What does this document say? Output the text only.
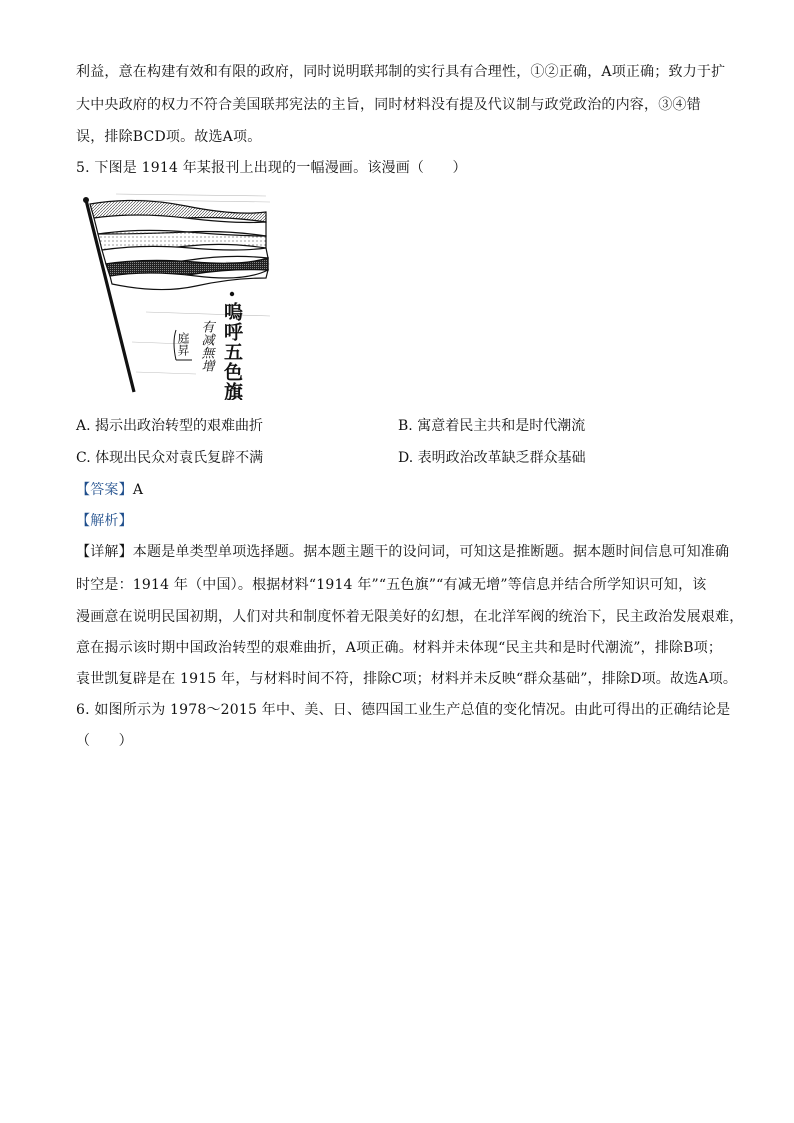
利益，意在构建有效和有限的政府，同时说明联邦制的实行具有合理性，①②正确，A项正确；致力于扩
大中央政府的权力不符合美国联邦宪法的主旨，同时材料没有提及代议制与政党政治的内容，③④错
误，排除BCD项。故选A项。
5. 下图是 1914 年某报刊上出现的一幅漫画。该漫画（　　）
嗚呼五色旗
有减無增
庭昇
A. 揭示出政治转型的艰难曲折	B. 寓意着民主共和是时代潮流
C. 体现出民众对袁氏复辟不满	D. 表明政治改革缺乏群众基础
【答案】A
【解析】
【详解】本题是单类型单项选择题。据本题主题干的设问词，可知这是推断题。据本题时间信息可知准确
时空是：1914 年（中国）。根据材料“1914 年”“五色旗”“有减无增”等信息并结合所学知识可知，该
漫画意在说明民国初期，人们对共和制度怀着无限美好的幻想，在北洋军阀的统治下，民主政治发展艰难，
意在揭示该时期中国政治转型的艰难曲折，A项正确。材料并未体现“民主共和是时代潮流”，排除B项；
袁世凯复辟是在 1915 年，与材料时间不符，排除C项；材料并未反映“群众基础”，排除D项。故选A项。
6. 如图所示为 1978～2015 年中、美、日、德四国工业生产总值的变化情况。由此可得出的正确结论是
（　　）
